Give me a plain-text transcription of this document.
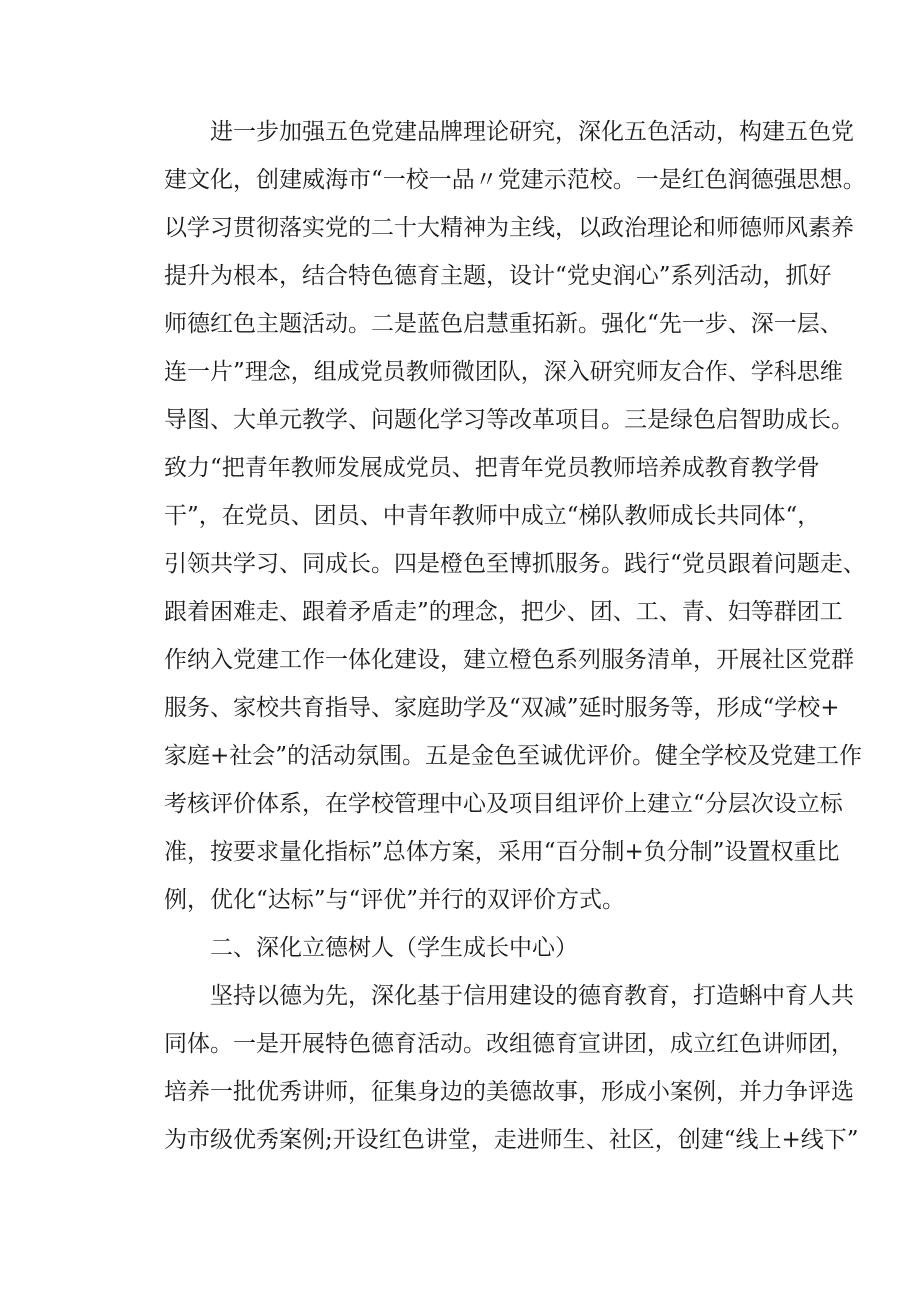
进一步加强五色党建品牌理论研究，深化五色活动，构建五色党
建文化，创建威海市“一校一品〃党建示范校。一是红色润德强思想。
以学习贯彻落实党的二十大精神为主线，以政治理论和师德师风素养
提升为根本，结合特色德育主题，设计“党史润心”系列活动，抓好
师德红色主题活动。二是蓝色启慧重拓新。强化“先一步、深一层、
连一片”理念，组成党员教师微团队，深入研究师友合作、学科思维
导图、大单元教学、问题化学习等改革项目。三是绿色启智助成长。
致力“把青年教师发展成党员、把青年党员教师培养成教育教学骨
干”，在党员、团员、中青年教师中成立“梯队教师成长共同体“，
引领共学习、同成长。四是橙色至博抓服务。践行“党员跟着问题走、
跟着困难走、跟着矛盾走”的理念，把少、团、工、青、妇等群团工
作纳入党建工作一体化建设，建立橙色系列服务清单，开展社区党群
服务、家校共育指导、家庭助学及“双减”延时服务等，形成“学校+
家庭+社会”的活动氛围。五是金色至诚优评价。健全学校及党建工作
考核评价体系，在学校管理中心及项目组评价上建立“分层次设立标
准，按要求量化指标”总体方案，采用“百分制+负分制”设置权重比
例，优化“达标”与“评优”并行的双评价方式。
二、深化立德树人（学生成长中心）
坚持以德为先，深化基于信用建设的德育教育，打造蝌中育人共
同体。一是开展特色德育活动。改组德育宣讲团，成立红色讲师团，
培养一批优秀讲师，征集身边的美德故事，形成小案例，并力争评选
为市级优秀案例;开设红色讲堂，走进师生、社区，创建“线上+线下”
